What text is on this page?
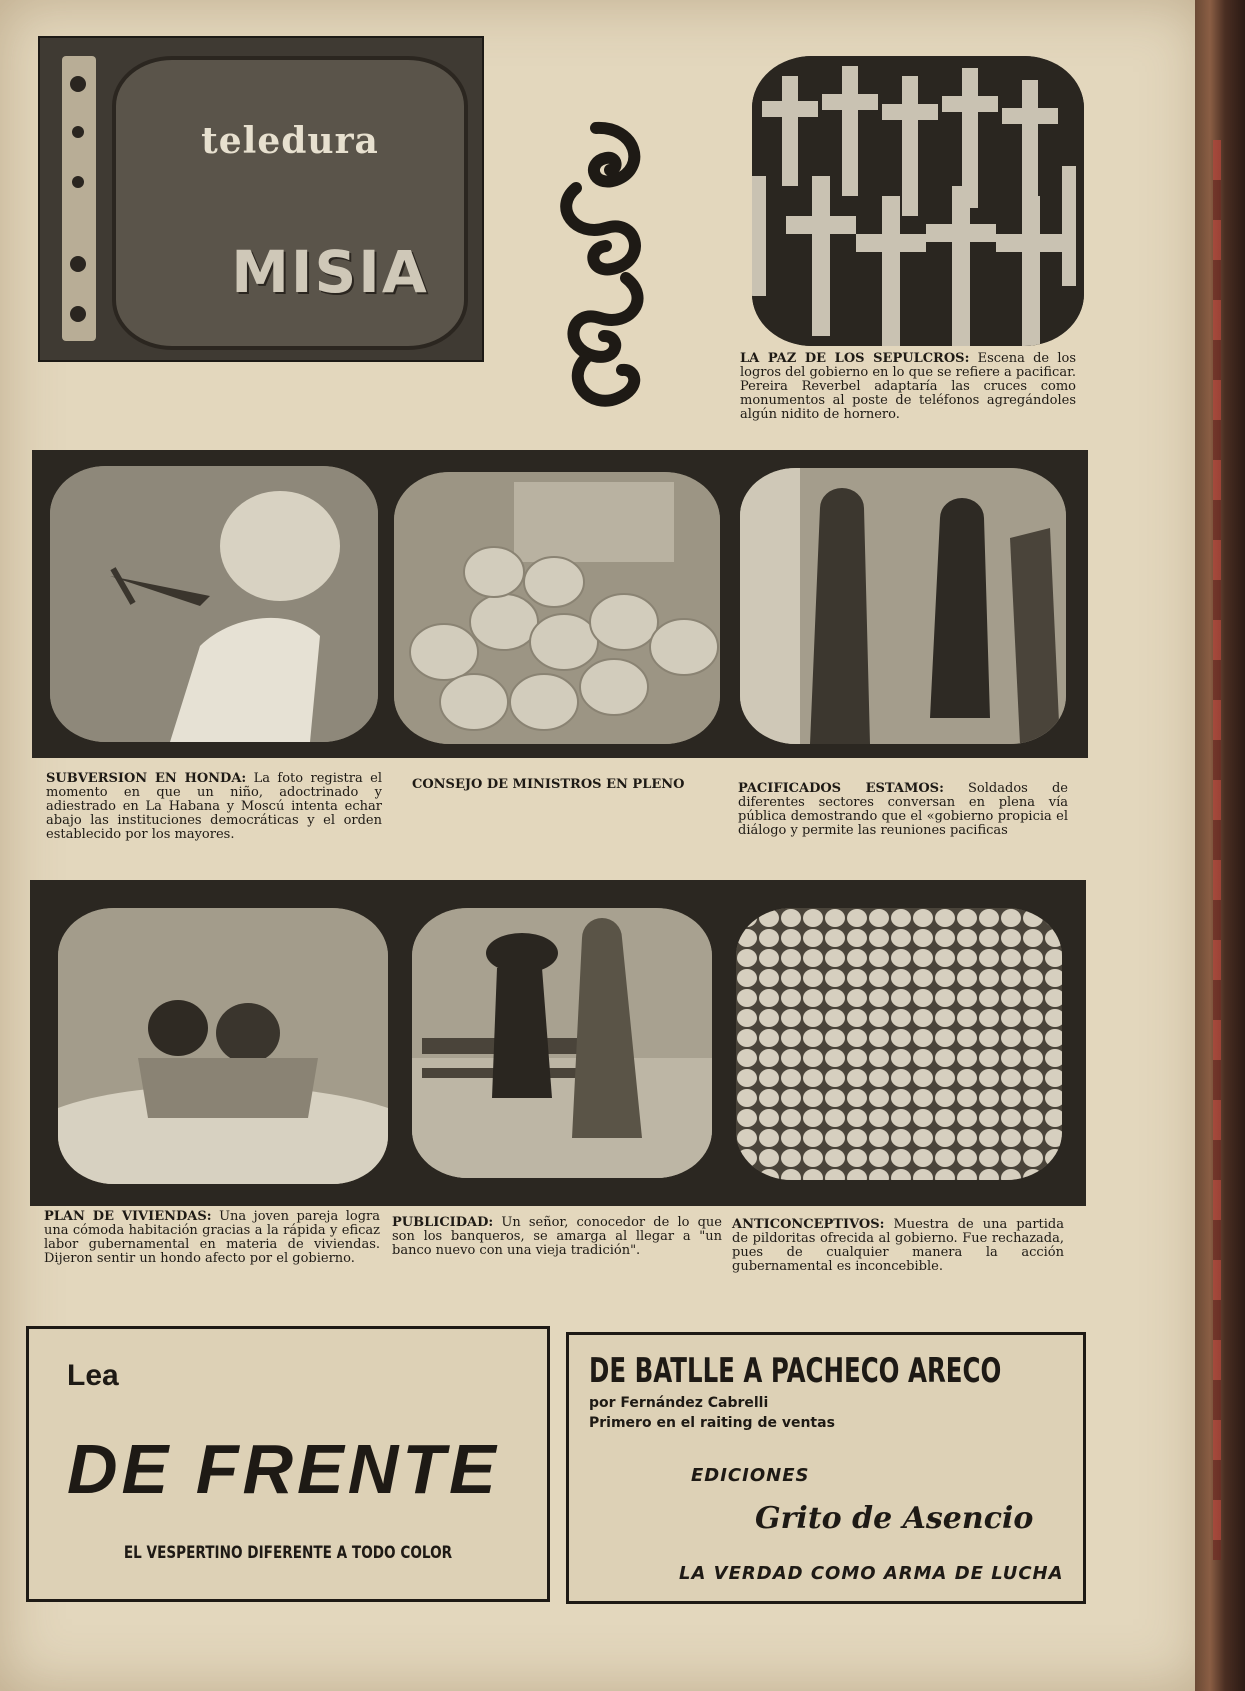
teledura
MISIA
LA PAZ DE LOS SEPULCROS: Escena de los logros del gobierno en lo que se refiere a pacificar. Pereira Reverbel adaptaría las cruces como monumentos al poste de teléfonos agregándoles algún nidito de hornero.
SUBVERSION EN HONDA: La foto registra el momento en que un niño, adoctrinado y adiestrado en La Habana y Moscú intenta echar abajo las instituciones democráticas y el orden establecido por los mayores.
CONSEJO DE MINISTROS EN PLENO	PACIFICADOS ESTAMOS: Soldados de diferentes sectores conversan en plena vía pública demostrando que el «gobierno propicia el diálogo y permite las reuniones pacificas
PLAN DE VIVIENDAS: Una joven pareja logra una cómoda habitación gracias a la rápida y eficaz labor gubernamental en materia de viviendas. Dijeron sentir un hondo afecto por el gobierno.
PUBLICIDAD: Un señor, conocedor de lo que son los banqueros, se amarga al llegar a "un banco nuevo con una vieja tradición".
ANTICONCEPTIVOS: Muestra de una partida de pildoritas ofrecida al gobierno. Fue rechazada, pues de cualquier manera la acción gubernamental es inconcebible.
Lea
DE FRENTE
EL VESPERTINO DIFERENTE A TODO COLOR
DE BATLLE A PACHECO ARECO
por Fernández Cabrelli
Primero en el raiting de ventas
EDICIONES
Grito de Asencio
LA VERDAD COMO ARMA DE LUCHA
